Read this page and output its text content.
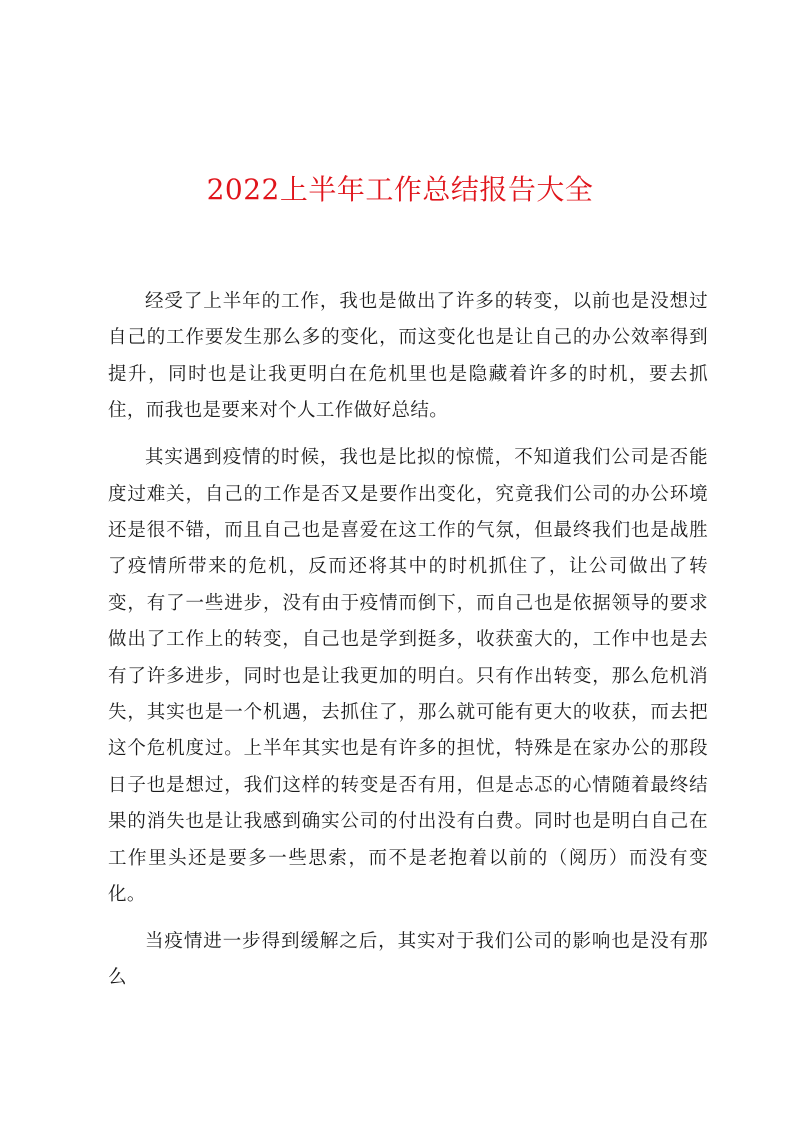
2022上半年工作总结报告大全

经受了上半年的工作，我也是做出了许多的转变，以前也是没想过自己的工作要发生那么多的变化，而这变化也是让自己的办公效率得到提升，同时也是让我更明白在危机里也是隐藏着许多的时机，要去抓住，而我也是要来对个人工作做好总结。

其实遇到疫情的时候，我也是比拟的惊慌，不知道我们公司是否能度过难关，自己的工作是否又是要作出变化，究竟我们公司的办公环境还是很不错，而且自己也是喜爱在这工作的气氛，但最终我们也是战胜了疫情所带来的危机，反而还将其中的时机抓住了，让公司做出了转变，有了一些进步，没有由于疫情而倒下，而自己也是依据领导的要求做出了工作上的转变，自己也是学到挺多，收获蛮大的，工作中也是去有了许多进步，同时也是让我更加的明白。只有作出转变，那么危机消失，其实也是一个机遇，去抓住了，那么就可能有更大的收获，而去把这个危机度过。上半年其实也是有许多的担忧，特殊是在家办公的那段日子也是想过，我们这样的转变是否有用，但是忐忑的心情随着最终结果的消失也是让我感到确实公司的付出没有白费。同时也是明白自己在工作里头还是要多一些思索，而不是老抱着以前的（阅历）而没有变化。

当疫情进一步得到缓解之后，其实对于我们公司的影响也是没有那么
